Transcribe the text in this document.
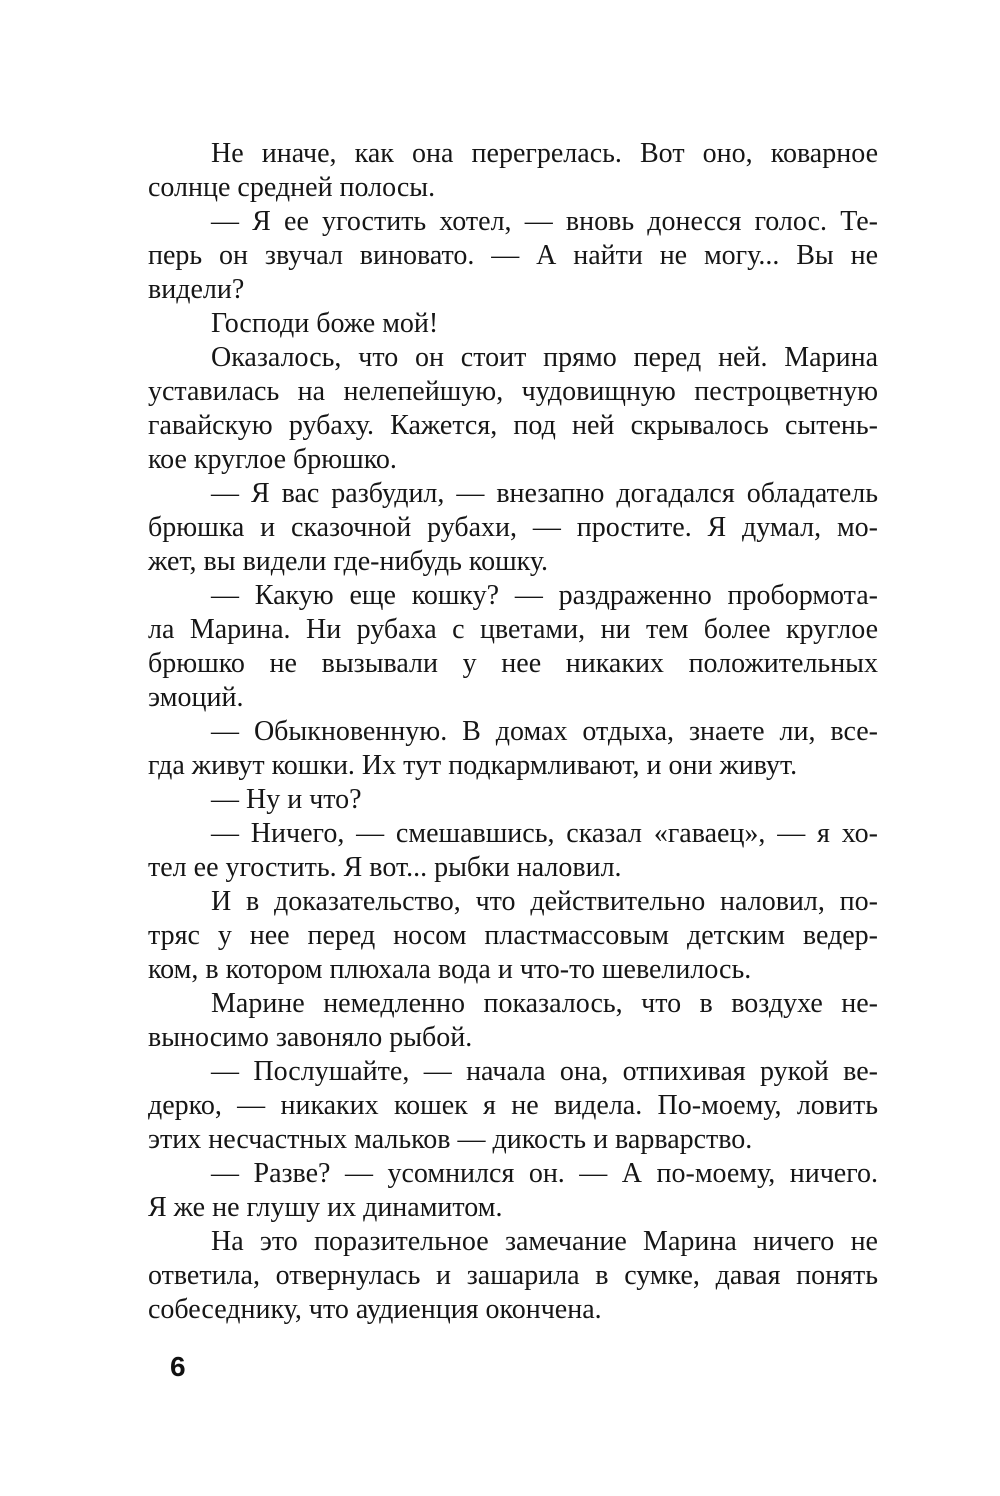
Не иначе, как она перегрелась. Вот оно, коварное
солнце средней полосы.
— Я ее угостить хотел, — вновь донесся голос. Те-
перь он звучал виновато. — А найти не могу... Вы не
видели?
Господи боже мой!
Оказалось, что он стоит прямо перед ней. Марина
уставилась на нелепейшую, чудовищную пестроцветную
гавайскую рубаху. Кажется, под ней скрывалось сытень-
кое круглое брюшко.
— Я вас разбудил, — внезапно догадался обладатель
брюшка и сказочной рубахи, — простите. Я думал, мо-
жет, вы видели где-нибудь кошку.
— Какую еще кошку? — раздраженно пробормота-
ла Марина. Ни рубаха с цветами, ни тем более круглое
брюшко не вызывали у нее никаких положительных
эмоций.
— Обыкновенную. В домах отдыха, знаете ли, все-
гда живут кошки. Их тут подкармливают, и они живут.
— Ну и что?
— Ничего, — смешавшись, сказал «гаваец», — я хо-
тел ее угостить. Я вот... рыбки наловил.
И в доказательство, что действительно наловил, по-
тряс у нее перед носом пластмассовым детским ведер-
ком, в котором плюхала вода и что-то шевелилось.
Марине немедленно показалось, что в воздухе не-
выносимо завоняло рыбой.
— Послушайте, — начала она, отпихивая рукой ве-
дерко, — никаких кошек я не видела. По-моему, ловить
этих несчастных мальков — дикость и варварство.
— Разве? — усомнился он. — А по-моему, ничего.
Я же не глушу их динамитом.
На это поразительное замечание Марина ничего не
ответила, отвернулась и зашарила в сумке, давая понять
собеседнику, что аудиенция окончена.
6
